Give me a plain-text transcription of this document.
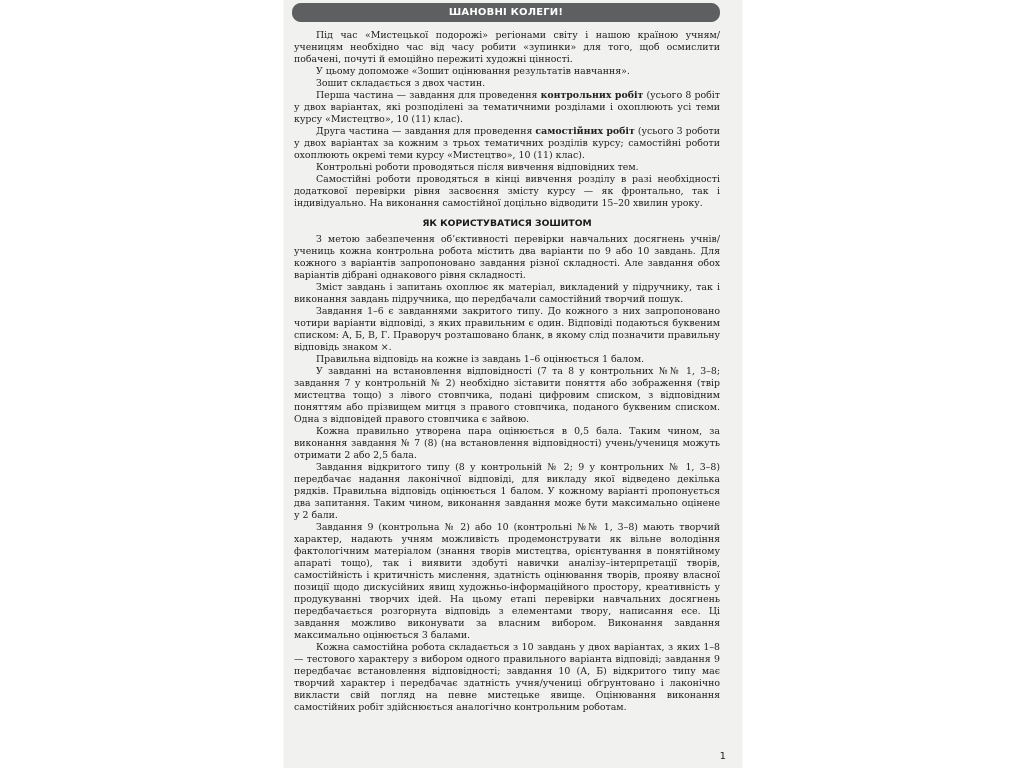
ШАНОВНІ КОЛЕГИ!

Під час «Мистецької подорожі» регіонами світу і нашою країною учням/ученицям необхідно час від часу робити «зупинки» для того, щоб осмислити побачені, почуті й емоційно пережиті художні цінності.

У цьому допоможе «Зошит оцінювання результатів навчання».

Зошит складається з двох частин.

Перша частина — завдання для проведення контрольних робіт (усього 8 робіт у двох варіантах, які розподілені за тематичними розділами і охоплюють усі теми курсу «Мистецтво», 10 (11) клас).

Друга частина — завдання для проведення самостійних робіт (усього 3 роботи у двох варіантах за кожним з трьох тематичних розділів курсу; самостійні роботи охоплюють окремі теми курсу «Мистецтво», 10 (11) клас).

Контрольні роботи проводяться після вивчення відповідних тем.

Самостійні роботи проводяться в кінці вивчення розділу в разі необхідності додаткової перевірки рівня засвоєння змісту курсу — як фронтально, так і індивідуально. На виконання самостійної доцільно відводити 15–20 хвилин уроку.

ЯК КОРИСТУВАТИСЯ ЗОШИТОМ

З метою забезпечення об’єктивності перевірки навчальних досягнень учнів/учениць кожна контрольна робота містить два варіанти по 9 або 10 завдань. Для кожного з варіантів запропоновано завдання різної складності. Але завдання обох варіантів дібрані однакового рівня складності.

Зміст завдань і запитань охоплює як матеріал, викладений у підручнику, так і виконання завдань підручника, що передбачали самостійний творчий пошук.

Завдання 1–6 є завданнями закритого типу. До кожного з них запропоновано чотири варіанти відповіді, з яких правильним є один. Відповіді подаються буквеним списком: А, Б, В, Г. Праворуч розташовано бланк, в якому слід позначити правильну відповідь знаком ×.

Правильна відповідь на кожне із завдань 1–6 оцінюється 1 балом.

У завданні на встановлення відповідності (7 та 8 у контрольних №№ 1, 3–8; завдання 7 у контрольній № 2) необхідно зіставити поняття або зображення (твір мистецтва тощо) з лівого стовпчика, подані цифровим списком, з відповідним поняттям або прізвищем митця з правого стовпчика, поданого буквеним списком. Одна з відповідей правого стовпчика є зайвою.

Кожна правильно утворена пара оцінюється в 0,5 бала. Таким чином, за виконання завдання № 7 (8) (на встановлення відповідності) учень/учениця можуть отримати 2 або 2,5 бала.

Завдання відкритого типу (8 у контрольній № 2; 9 у контрольних № 1, 3–8) передбачає надання лаконічної відповіді, для викладу якої відведено декілька рядків. Правильна відповідь оцінюється 1 балом. У кожному варіанті пропонується два запитання. Таким чином, виконання завдання може бути максимально оцінене у 2 бали.

Завдання 9 (контрольна № 2) або 10 (контрольні №№ 1, 3–8) мають творчий характер, надають учням можливість продемонструвати як вільне володіння фактологічним матеріалом (знання творів мистецтва, орієнтування в понятійному апараті тощо), так і виявити здобуті навички аналізу–інтерпретації творів, самостійність і критичність мислення, здатність оцінювання творів, прояву власної позиції щодо дискусійних явищ художньо-інформаційного простору, креативність у продукуванні творчих ідей. На цьому етапі перевірки навчальних досягнень передбачається розгорнута відповідь з елементами твору, написання есе. Ці завдання можливо виконувати за власним вибором. Виконання завдання максимально оцінюється 3 балами.

Кожна самостійна робота складається з 10 завдань у двох варіантах, з яких 1–8 — тестового характеру з вибором одного правильного варіанта відповіді; завдання 9 передбачає встановлення відповідності; завдання 10 (А, Б) відкритого типу має творчий характер і передбачає здатність учня/учениці обґрунтовано і лаконічно викласти свій погляд на певне мистецьке явище. Оцінювання виконання самостійних робіт здійснюється аналогічно контрольним роботам.

1
